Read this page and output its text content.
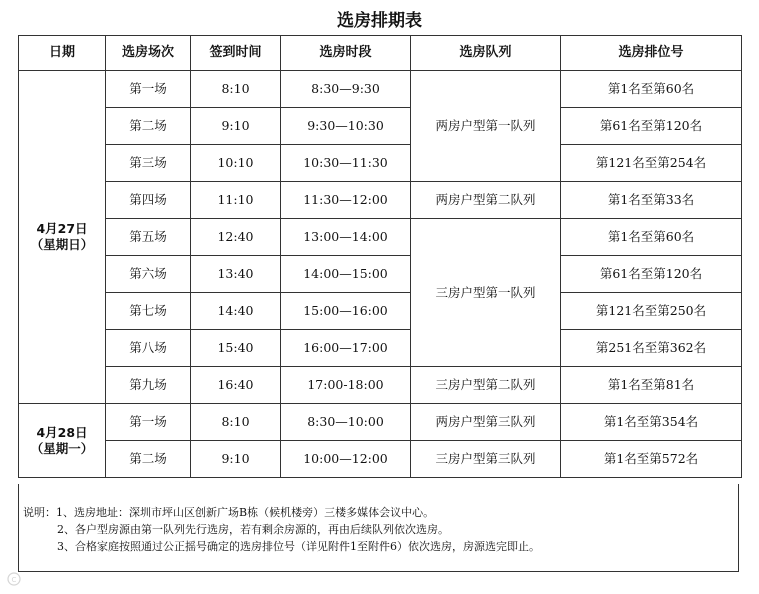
选房排期表
日期	选房场次	签到时间	选房时段	选房队列	选房排位号

4月27日
（星期日）	第一场	8:10	8:30—9:30	两房户型第一队列	第1名至第60名
	第二场	9:10	9:30—10:30		第61名至第120名
	第三场	10:10	10:30—11:30		第121名至第254名
	第四场	11:10	11:30—12:00	两房户型第二队列	第1名至第33名
	第五场	12:40	13:00—14:00	三房户型第一队列	第1名至第60名
	第六场	13:40	14:00—15:00		第61名至第120名
	第七场	14:40	15:00—16:00		第121名至第250名
	第八场	15:40	16:00—17:00		第251名至第362名
	第九场	16:40	17:00-18:00	三房户型第二队列	第1名至第81名

4月28日
（星期一）	第一场	8:10	8:30—10:00	两房户型第三队列	第1名至第354名
	第二场	9:10	10:00—12:00	三房户型第三队列	第1名至第572名
说明：1、选房地址：深圳市坪山区创新广场B栋（候机楼旁）三楼多媒体会议中心。
2、各户型房源由第一队列先行选房，若有剩余房源的，再由后续队列依次选房。
3、合格家庭按照通过公正摇号确定的选房排位号（详见附件1至附件6）依次选房，房源选完即止。
C
